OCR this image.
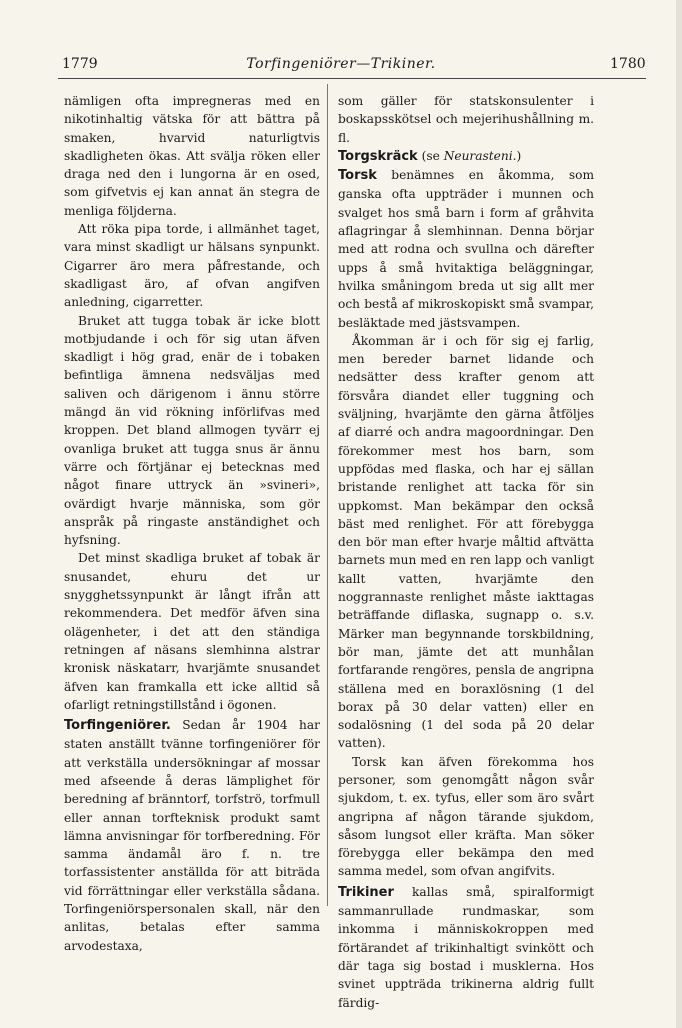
1779	Torfingeniörer—Trikiner.	1780

nämligen ofta impregneras med en nikotinhaltig vätska för att bättra på smaken, hvarvid naturligtvis skadligheten ökas. Att svälja röken eller draga ned den i lungorna är en osed, som gifvetvis ej kan annat än stegra de menliga följderna.

Att röka pipa torde, i allmänhet taget, vara minst skadligt ur hälsans synpunkt. Cigarrer äro mera påfrestande, och skadligast äro, af ofvan angifven anledning, cigarretter.

Bruket att tugga tobak är icke blott motbjudande i och för sig utan äfven skadligt i hög grad, enär de i tobaken befintliga ämnena nedsväljas med saliven och därigenom i ännu större mängd än vid rökning införlifvas med kroppen. Det bland allmogen tyvärr ej ovanliga bruket att tugga snus är ännu värre och förtjänar ej betecknas med något finare uttryck än »svineri», ovärdigt hvarje människa, som gör anspråk på ringaste anständighet och hyfsning.

Det minst skadliga bruket af tobak är snusandet, ehuru det ur snygghetssynpunkt är långt ifrån att rekommendera. Det medför äfven sina olägenheter, i det att den ständiga retningen af näsans slemhinna alstrar kronisk näskatarr, hvarjämte snusandet äfven kan framkalla ett icke alltid så ofarligt retningstillstånd i ögonen.

Torfingeniörer. Sedan år 1904 har staten anställt tvänne torfingeniörer för att verkställa undersökningar af mossar med afseende å deras lämplighet för beredning af bränntorf, torfströ, torfmull eller annan torfteknisk produkt samt lämna anvisningar för torfberedning. För samma ändamål äro f. n. tre torfassistenter anställda för att biträda vid förrättningar eller verkställa sådana. Torfingeniörspersonalen skall, när den anlitas, betalas efter samma arvodestaxa,

som gäller för statskonsulenter i boskapsskötsel och mejerihushållning m. fl.

Torgskräck (se Neurasteni.)

Torsk benämnes en åkomma, som ganska ofta uppträder i munnen och svalget hos små barn i form af gråhvita aflagringar å slemhinnan. Denna börjar med att rodna och svullna och därefter upps å små hvitaktiga beläggningar, hvilka småningom breda ut sig allt mer och bestå af mikroskopiskt små svampar, besläktade med jästsvampen.

Åkomman är i och för sig ej farlig, men bereder barnet lidande och nedsätter dess krafter genom att försvåra diandet eller tuggning och sväljning, hvarjämte den gärna åtföljes af diarré och andra magoordningar. Den förekommer mest hos barn, som uppfödas med flaska, och har ej sällan bristande renlighet att tacka för sin uppkomst. Man bekämpar den också bäst med renlighet. För att förebygga den bör man efter hvarje måltid aftvätta barnets mun med en ren lapp och vanligt kallt vatten, hvarjämte den noggrannaste renlighet måste iakttagas beträffande diflaska, sugnapp o. s.v. Märker man begynnande torskbildning, bör man, jämte det att munhålan fortfarande rengöres, pensla de angripna ställena med en boraxlösning (1 del borax på 30 delar vatten) eller en sodalösning (1 del soda på 20 delar vatten).

Torsk kan äfven förekomma hos personer, som genomgått någon svår sjukdom, t. ex. tyfus, eller som äro svårt angripna af någon tärande sjukdom, såsom lungsot eller kräfta. Man söker förebygga eller bekämpa den med samma medel, som ofvan angifvits.

Trikiner kallas små, spiralformigt sammanrullade rundmaskar, som inkomma i människokroppen med förtärandet af trikinhaltigt svinkött och där taga sig bostad i musklerna. Hos svinet uppträda trikinerna aldrig fullt färdig-
